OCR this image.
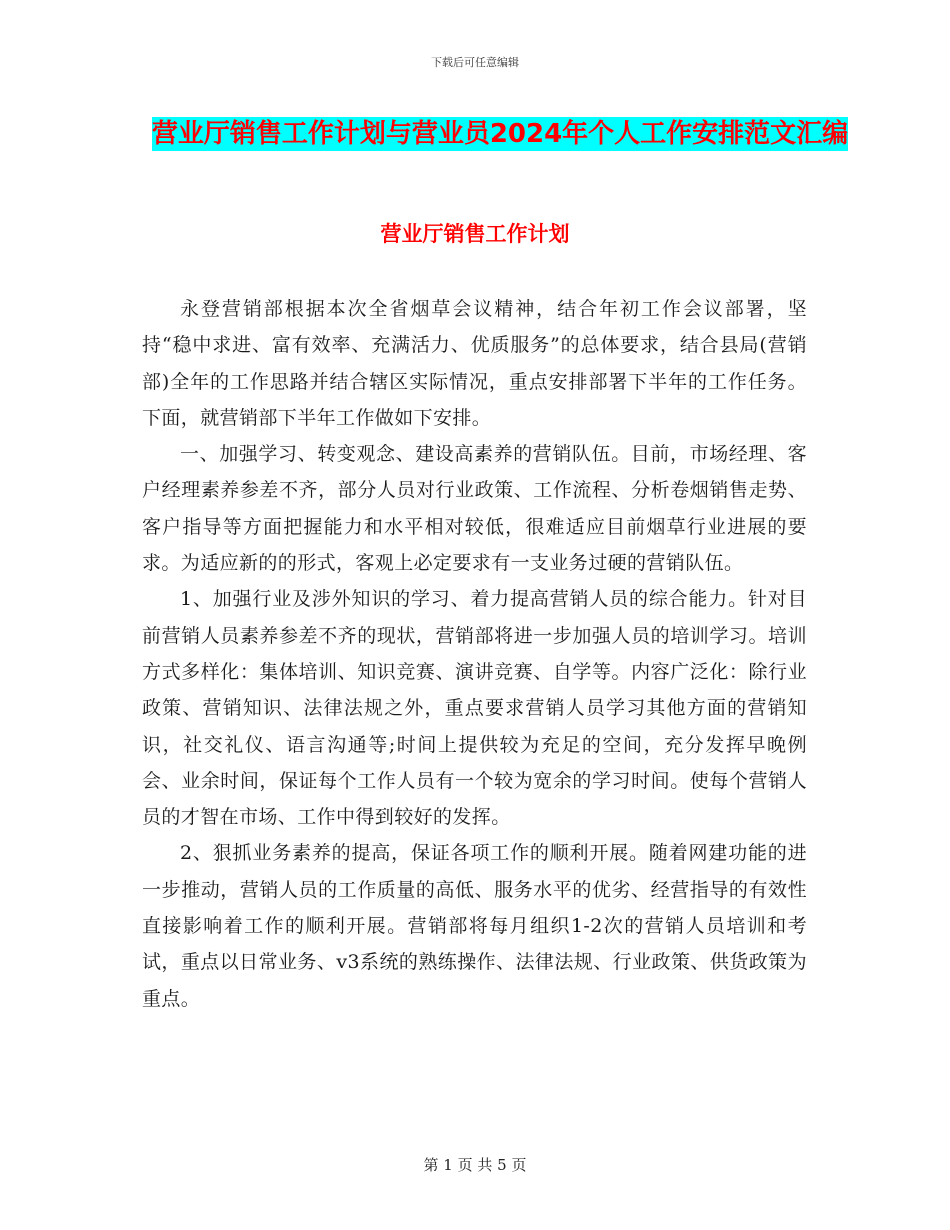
下载后可任意编辑
营业厅销售工作计划与营业员2024年个人工作安排范文汇编
营业厅销售工作计划

永登营销部根据本次全省烟草会议精神，结合年初工作会议部署，坚持“稳中求进、富有效率、充满活力、优质服务”的总体要求，结合县局(营销部)全年的工作思路并结合辖区实际情况，重点安排部署下半年的工作任务。下面，就营销部下半年工作做如下安排。

一、加强学习、转变观念、建设高素养的营销队伍。目前，市场经理、客户经理素养参差不齐，部分人员对行业政策、工作流程、分析卷烟销售走势、客户指导等方面把握能力和水平相对较低，很难适应目前烟草行业进展的要求。为适应新的的形式，客观上必定要求有一支业务过硬的营销队伍。

1、加强行业及涉外知识的学习、着力提高营销人员的综合能力。针对目前营销人员素养参差不齐的现状，营销部将进一步加强人员的培训学习。培训方式多样化：集体培训、知识竞赛、演讲竞赛、自学等。内容广泛化：除行业政策、营销知识、法律法规之外，重点要求营销人员学习其他方面的营销知识，社交礼仪、语言沟通等;时间上提供较为充足的空间，充分发挥早晚例会、业余时间，保证每个工作人员有一个较为宽余的学习时间。使每个营销人员的才智在市场、工作中得到较好的发挥。

2、狠抓业务素养的提高，保证各项工作的顺利开展。随着网建功能的进一步推动，营销人员的工作质量的高低、服务水平的优劣、经营指导的有效性直接影响着工作的顺利开展。营销部将每月组织1-2次的营销人员培训和考试，重点以日常业务、v3系统的熟练操作、法律法规、行业政策、供货政策为重点。

第 1 页 共 5 页
